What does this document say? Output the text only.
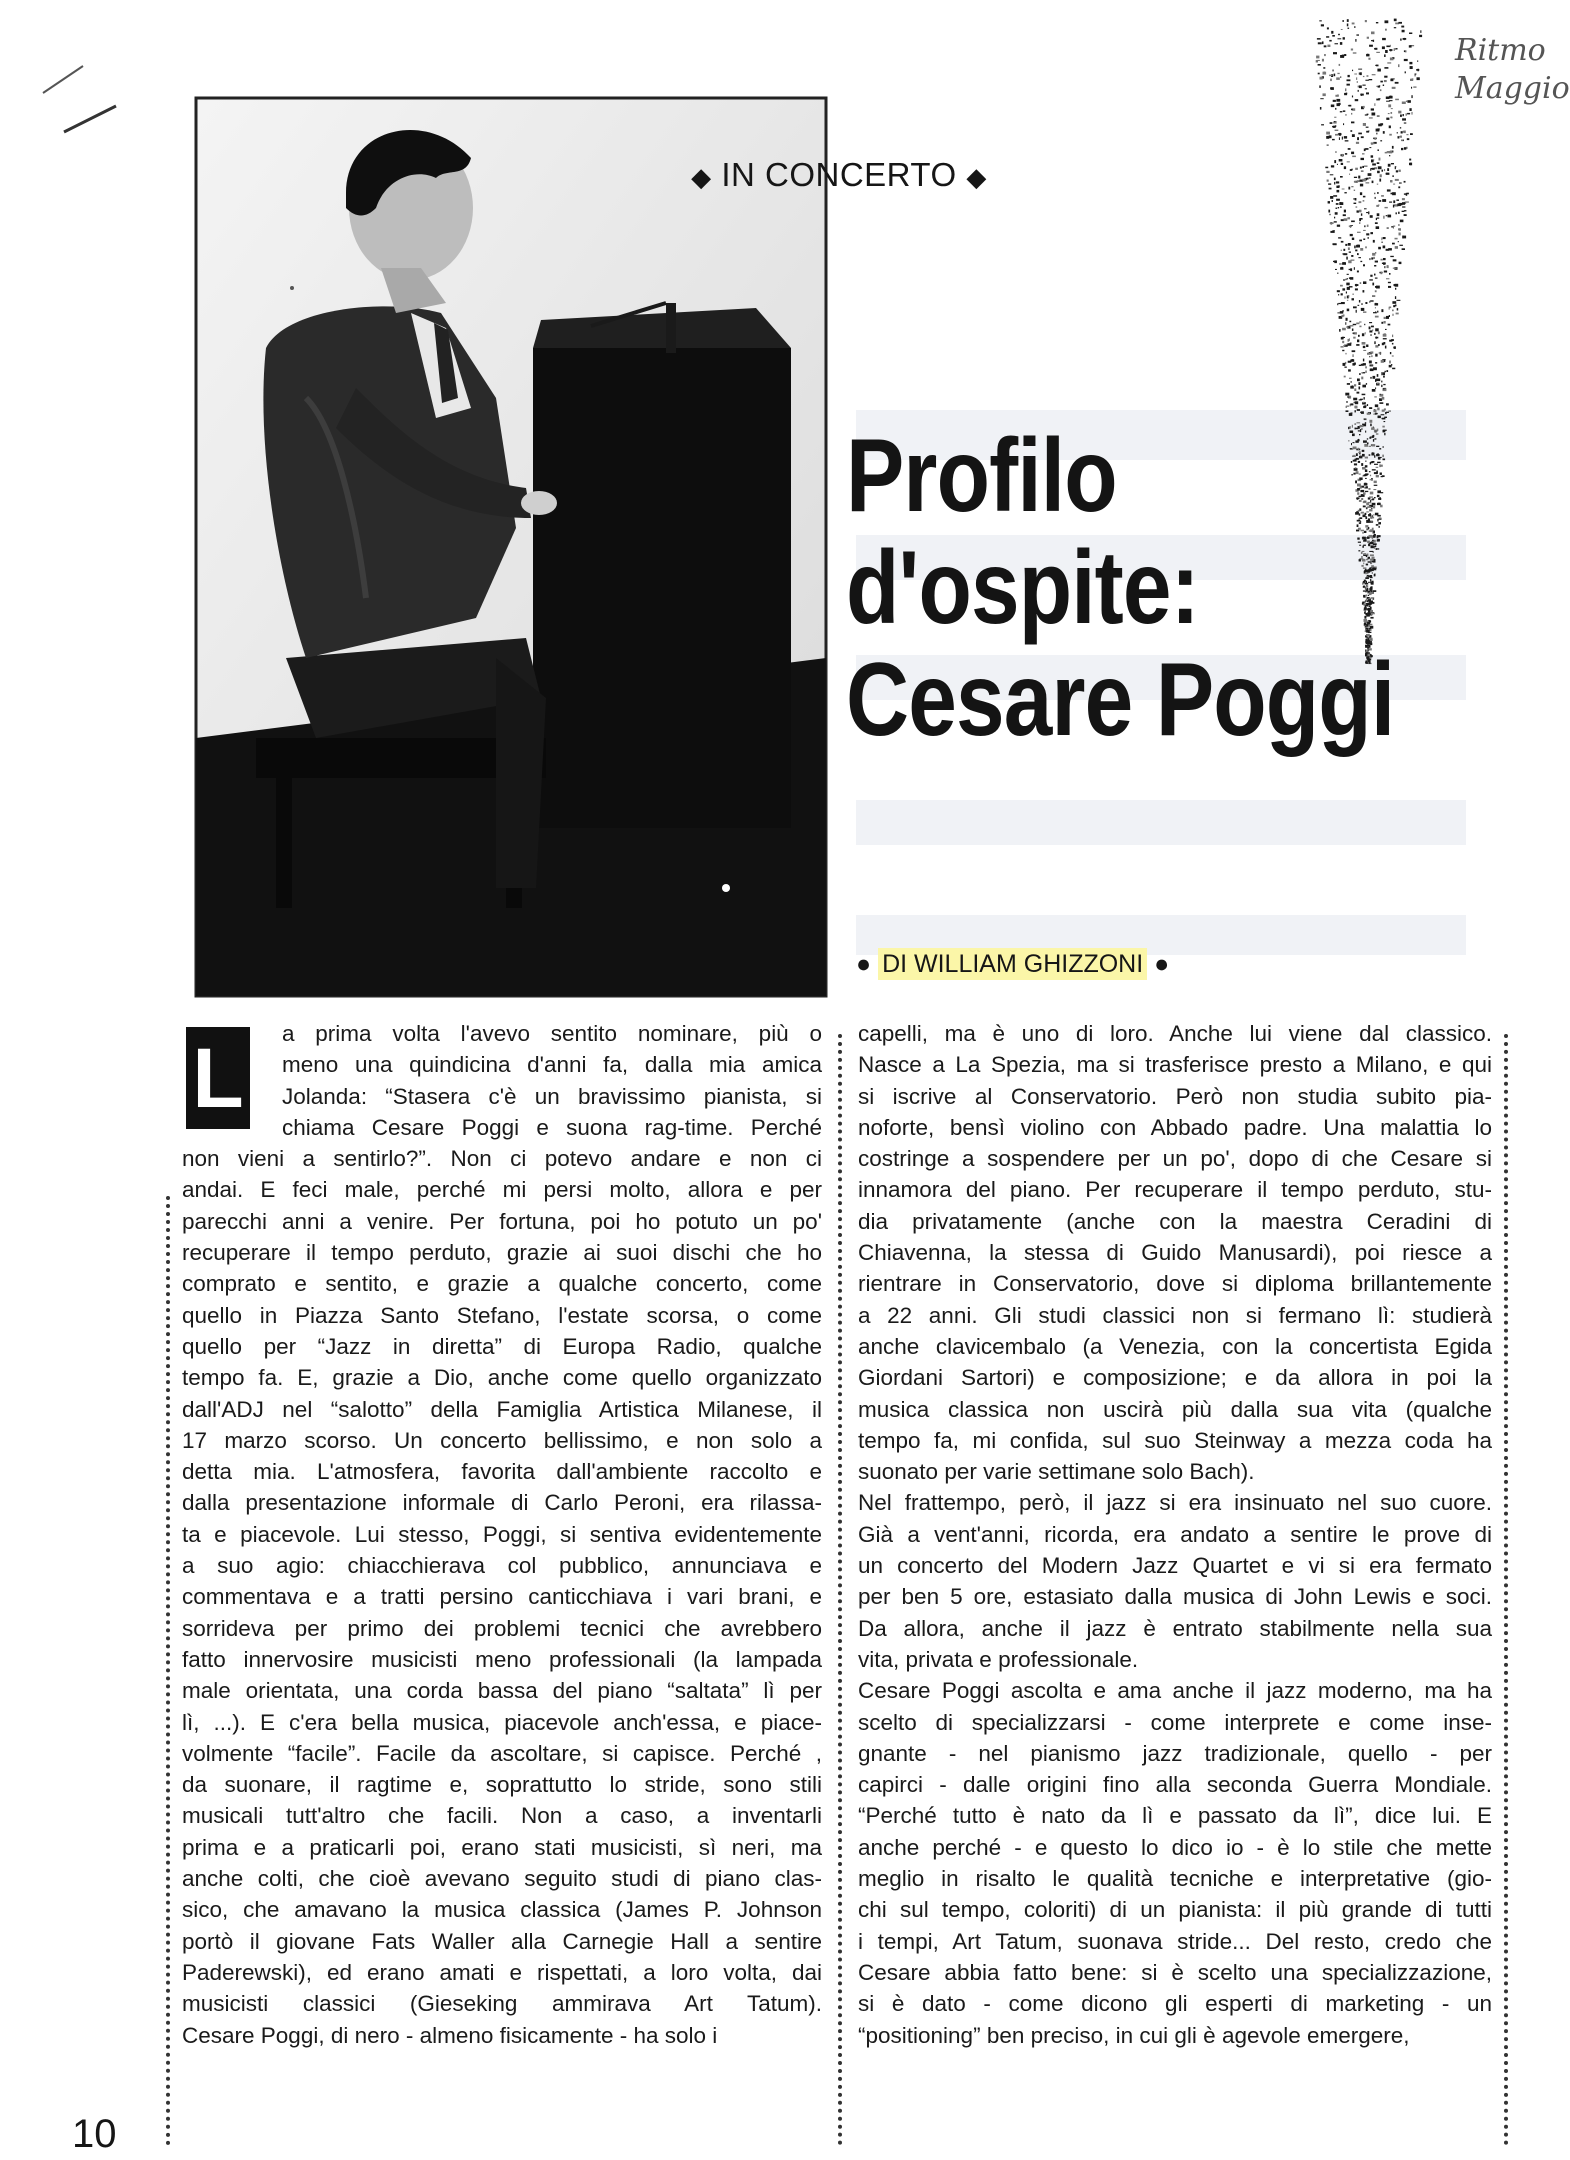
Ritmo
Maggio
◆ IN CONCERTO ◆
Profilo
d'ospite:
Cesare Poggi
● DI WILLIAM GHIZZONI ●
L	a prima volta l'avevo sentito nominare, più o
meno una quindicina d'anni fa, dalla mia amica
Jolanda: “Stasera c'è un bravissimo pianista, si
chiama Cesare Poggi e suona rag-time. Perché
non vieni a sentirlo?”. Non ci potevo andare e non ci
andai. E feci male, perché mi persi molto, allora e per
parecchi anni a venire. Per fortuna, poi ho potuto un po'
recuperare il tempo perduto, grazie ai suoi dischi che ho
comprato e sentito, e grazie a qualche concerto, come
quello in Piazza Santo Stefano, l'estate scorsa, o come
quello per “Jazz in diretta” di Europa Radio, qualche
tempo fa. E, grazie a Dio, anche come quello organizzato
dall'ADJ nel “salotto” della Famiglia Artistica Milanese, il
17 marzo scorso. Un concerto bellissimo, e non solo a
detta mia. L'atmosfera, favorita dall'ambiente raccolto e
dalla presentazione informale di Carlo Peroni, era rilassa-
ta e piacevole. Lui stesso, Poggi, si sentiva evidentemente
a suo agio: chiacchierava col pubblico, annunciava e
commentava e a tratti persino canticchiava i vari brani, e
sorrideva per primo dei problemi tecnici che avrebbero
fatto innervosire musicisti meno professionali (la lampada
male orientata, una corda bassa del piano “saltata” lì per
lì, ...). E c'era bella musica, piacevole anch'essa, e piace-
volmente “facile”. Facile da ascoltare, si capisce. Perché ,
da suonare, il ragtime e, soprattutto lo stride, sono stili
musicali tutt'altro che facili. Non a caso, a inventarli
prima e a praticarli poi, erano stati musicisti, sì neri, ma
anche colti, che cioè avevano seguito studi di piano clas-
sico, che amavano la musica classica (James P. Johnson
portò il giovane Fats Waller alla Carnegie Hall a sentire
Paderewski), ed erano amati e rispettati, a loro volta, dai
musicisti classici (Gieseking ammirava Art Tatum).
Cesare Poggi, di nero - almeno fisicamente - ha solo i
capelli, ma è uno di loro. Anche lui viene dal classico.
Nasce a La Spezia, ma si trasferisce presto a Milano, e qui
si iscrive al Conservatorio. Però non studia subito pia-
noforte, bensì violino con Abbado padre. Una malattia lo
costringe a sospendere per un po', dopo di che Cesare si
innamora del piano. Per recuperare il tempo perduto, stu-
dia privatamente (anche con la maestra Ceradini di
Chiavenna, la stessa di Guido Manusardi), poi riesce a
rientrare in Conservatorio, dove si diploma brillantemente
a 22 anni. Gli studi classici non si fermano lì: studierà
anche clavicembalo (a Venezia, con la concertista Egida
Giordani Sartori) e composizione; e da allora in poi la
musica classica non uscirà più dalla sua vita (qualche
tempo fa, mi confida, sul suo Steinway a mezza coda ha
suonato per varie settimane solo Bach).
Nel frattempo, però, il jazz si era insinuato nel suo cuore.
Già a vent'anni, ricorda, era andato a sentire le prove di
un concerto del Modern Jazz Quartet e vi si era fermato
per ben 5 ore, estasiato dalla musica di John Lewis e soci.
Da allora, anche il jazz è entrato stabilmente nella sua
vita, privata e professionale.
Cesare Poggi ascolta e ama anche il jazz moderno, ma ha
scelto di specializzarsi - come interprete e come inse-
gnante - nel pianismo jazz tradizionale, quello - per
capirci - dalle origini fino alla seconda Guerra Mondiale.
“Perché tutto è nato da lì e passato da lì”, dice lui. E
anche perché - e questo lo dico io - è lo stile che mette
meglio in risalto le qualità tecniche e interpretative (gio-
chi sul tempo, coloriti) di un pianista: il più grande di tutti
i tempi, Art Tatum, suonava stride... Del resto, credo che
Cesare abbia fatto bene: si è scelto una specializzazione,
si è dato - come dicono gli esperti di marketing - un
“positioning” ben preciso, in cui gli è agevole emergere,
10
